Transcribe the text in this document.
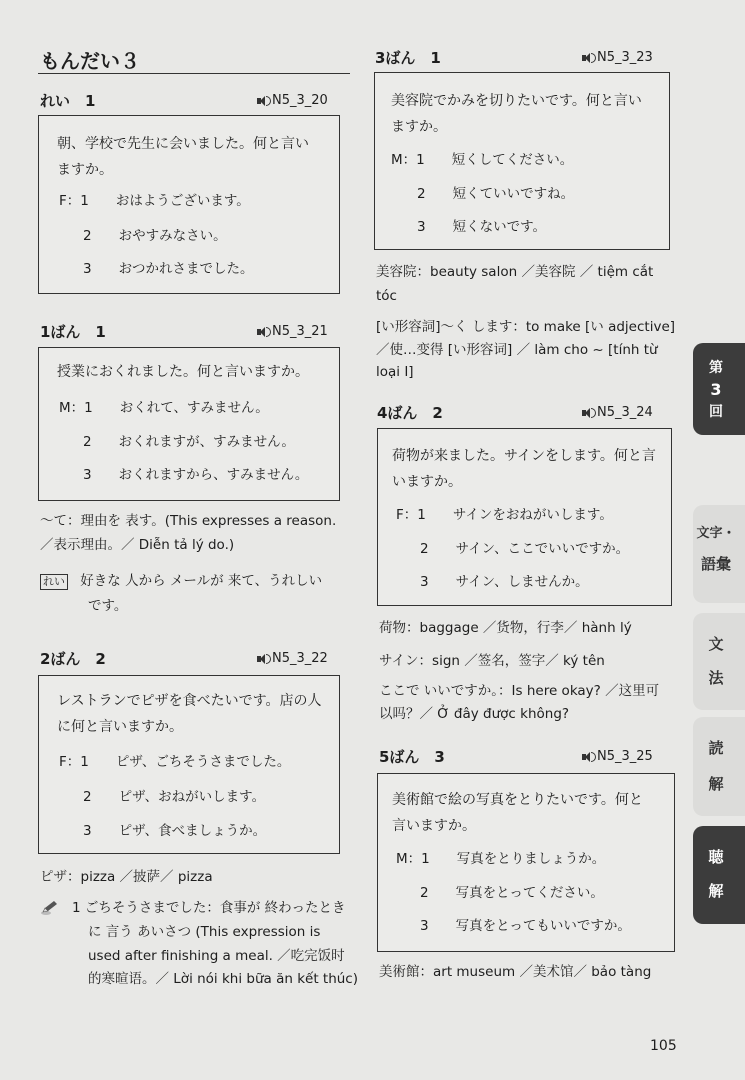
もんだい３
れい　1	N5_3_20
朝、学校で先生に会いました。何と言い
ますか。
F：1　　おはようございます。
2　　おやすみなさい。
3　　おつかれさまでした。
1ばん　1	N5_3_21
授業におくれました。何と言いますか。
M：1　　おくれて、すみません。
2　　おくれますが、すみません。
3　　おくれますから、すみません。
〜て：理由を 表す。(This expresses a reason.
／表示理由。／ Diễn tả lý do.)
れい 好きな 人から メールが 来て、うれしい
です。
2ばん　2	N5_3_22
レストランでピザを食べたいです。店の人
に何と言いますか。
F：1　　ピザ、ごちそうさまでした。
2　　ピザ、おねがいします。
3　　ピザ、食べましょうか。
ピザ：pizza ／披萨／ pizza
1 ごちそうさまでした：食事が 終わったとき
に 言う あいさつ (This expression is
used after finishing a meal. ／吃完饭时
的寒暄语。／ Lời nói khi bữa ăn kết thúc)
3ばん　1	N5_3_23
美容院でかみを切りたいです。何と言い
ますか。
M：1　　短くしてください。
2　　短くていいですね。
3　　短くないです。
美容院：beauty salon ／美容院 ／ tiệm cắt
tóc
[い形容詞]〜く します：to make [い adjective]
／使…变得 [い形容词] ／ làm cho ~ [tính từ
loại I]
4ばん　2	N5_3_24
荷物が来ました。サインをします。何と言
いますか。
F：1　　サインをおねがいします。
2　　サイン、ここでいいですか。
3　　サイン、しませんか。
荷物：baggage ／货物，行李／ hành lý
サイン：sign ／签名，签字／ ký tên
ここで いいですか。：Is here okay? ／这里可
以吗？／ Ở đây được không?
5ばん　3	N5_3_25
美術館で絵の写真をとりたいです。何と
言いますか。
M：1　　写真をとりましょうか。
2　　写真をとってください。
3　　写真をとってもいいですか。
美術館：art museum ／美术馆／ bảo tàng
105
第
3
回
文字・
語彙
文
法
読
解
聴
解
